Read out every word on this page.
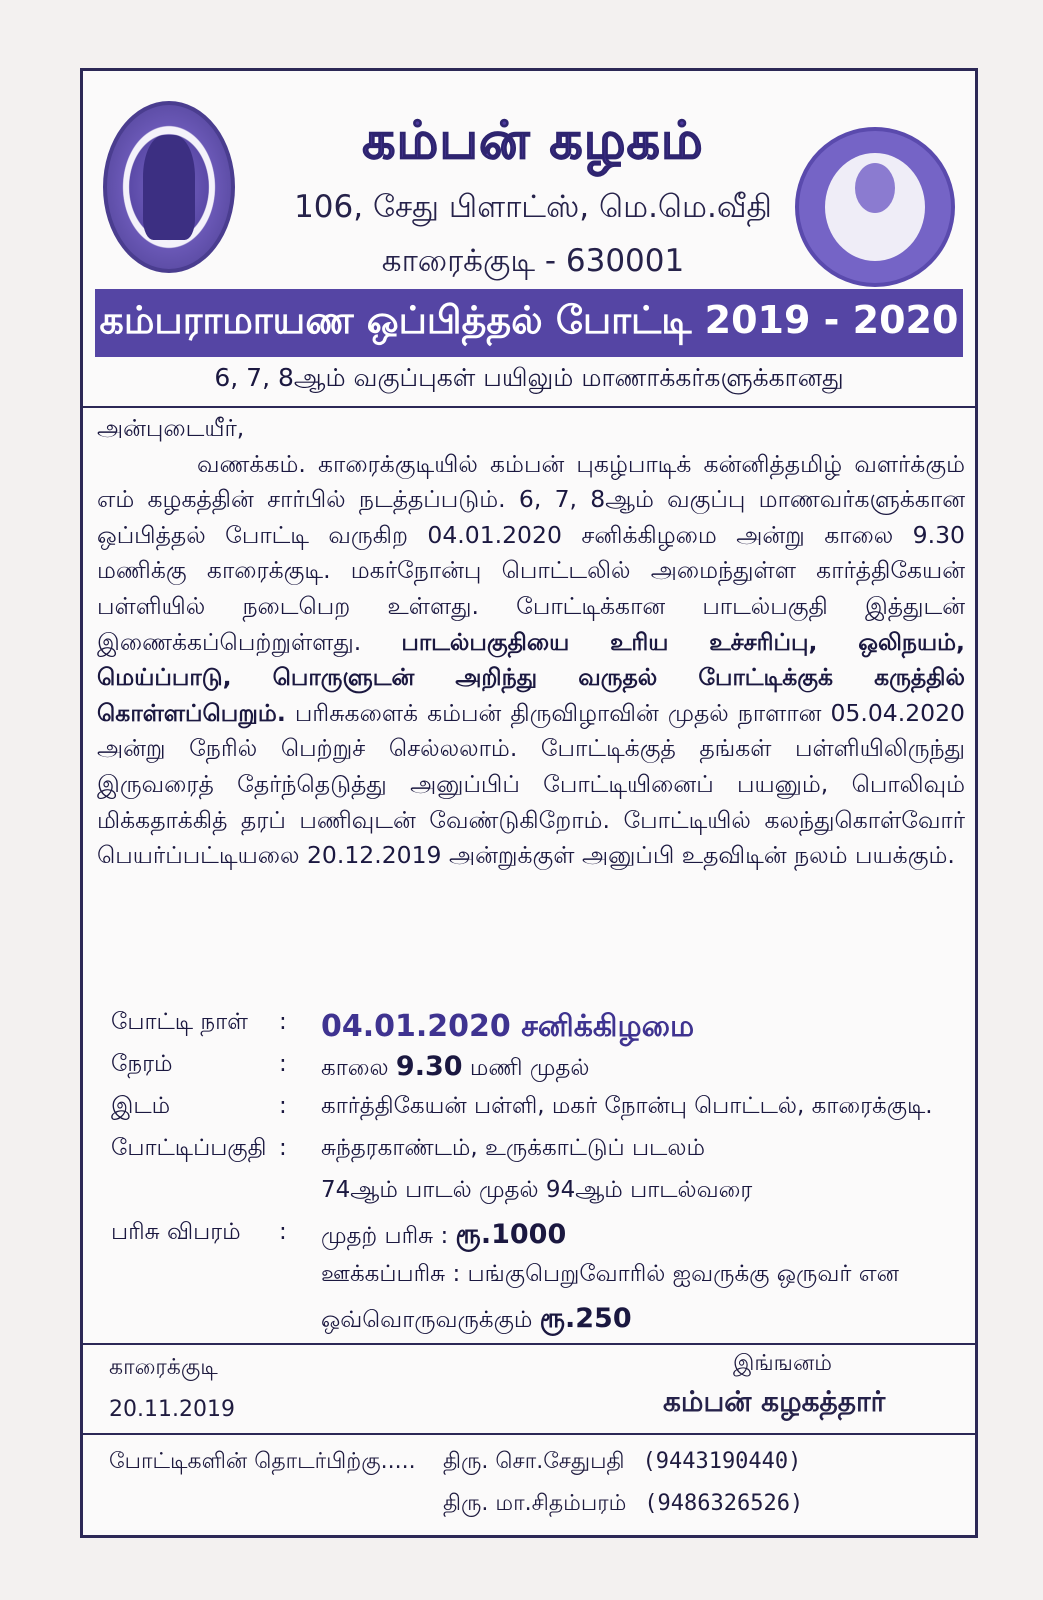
கம்பன் கழகம்
106, சேது பிளாட்ஸ், மெ.மெ.வீதி
காரைக்குடி - 630001
கம்பராமாயண ஒப்பித்தல் போட்டி 2019 - 2020
6, 7, 8ஆம் வகுப்புகள் பயிலும் மாணாக்கர்களுக்கானது
அன்புடையீர்,
வணக்கம். காரைக்குடியில் கம்பன் புகழ்பாடிக் கன்னித்தமிழ் வளர்க்கும் எம் கழகத்தின் சார்பில் நடத்தப்படும். 6, 7, 8ஆம் வகுப்பு மாணவர்களுக்கான ஒப்பித்தல் போட்டி வருகிற 04.01.2020 சனிக்கிழமை அன்று காலை 9.30 மணிக்கு காரைக்குடி. மகர்நோன்பு பொட்டலில் அமைந்துள்ள கார்த்திகேயன் பள்ளியில் நடைபெற உள்ளது. போட்டிக்கான பாடல்பகுதி இத்துடன் இணைக்கப்பெற்றுள்ளது. பாடல்பகுதியை உரிய உச்சரிப்பு, ஒலிநயம், மெய்ப்பாடு, பொருளுடன் அறிந்து வருதல் போட்டிக்குக் கருத்தில் கொள்ளப்பெறும். பரிசுகளைக் கம்பன் திருவிழாவின் முதல் நாளான 05.04.2020 அன்று நேரில் பெற்றுச் செல்லலாம். போட்டிக்குத் தங்கள் பள்ளியிலிருந்து இருவரைத் தேர்ந்தெடுத்து அனுப்பிப் போட்டியினைப் பயனும், பொலிவும் மிக்கதாக்கித் தரப் பணிவுடன் வேண்டுகிறோம். போட்டியில் கலந்துகொள்வோர் பெயர்ப்பட்டியலை 20.12.2019 அன்றுக்குள் அனுப்பி உதவிடின் நலம் பயக்கும்.
போட்டி நாள்	: 04.01.2020 சனிக்கிழமை
நேரம்	: காலை 9.30 மணி முதல்
இடம்	: கார்த்திகேயன் பள்ளி, மகர் நோன்பு பொட்டல், காரைக்குடி.
போட்டிப்பகுதி : சுந்தரகாண்டம், உருக்காட்டுப் படலம்
74ஆம் பாடல் முதல் 94ஆம் பாடல்வரை
பரிசு விபரம்	: முதற் பரிசு : ரூ.1000
ஊக்கப்பரிசு : பங்குபெறுவோரில் ஐவருக்கு ஒருவர் என
ஒவ்வொருவருக்கும் ரூ.250
காரைக்குடி
20.11.2019
இங்ஙனம்
கம்பன் கழகத்தார்
போட்டிகளின் தொடர்பிற்கு..... திரு. சொ.சேதுபதி (9443190440)
திரு. மா.சிதம்பரம் (9486326526)
